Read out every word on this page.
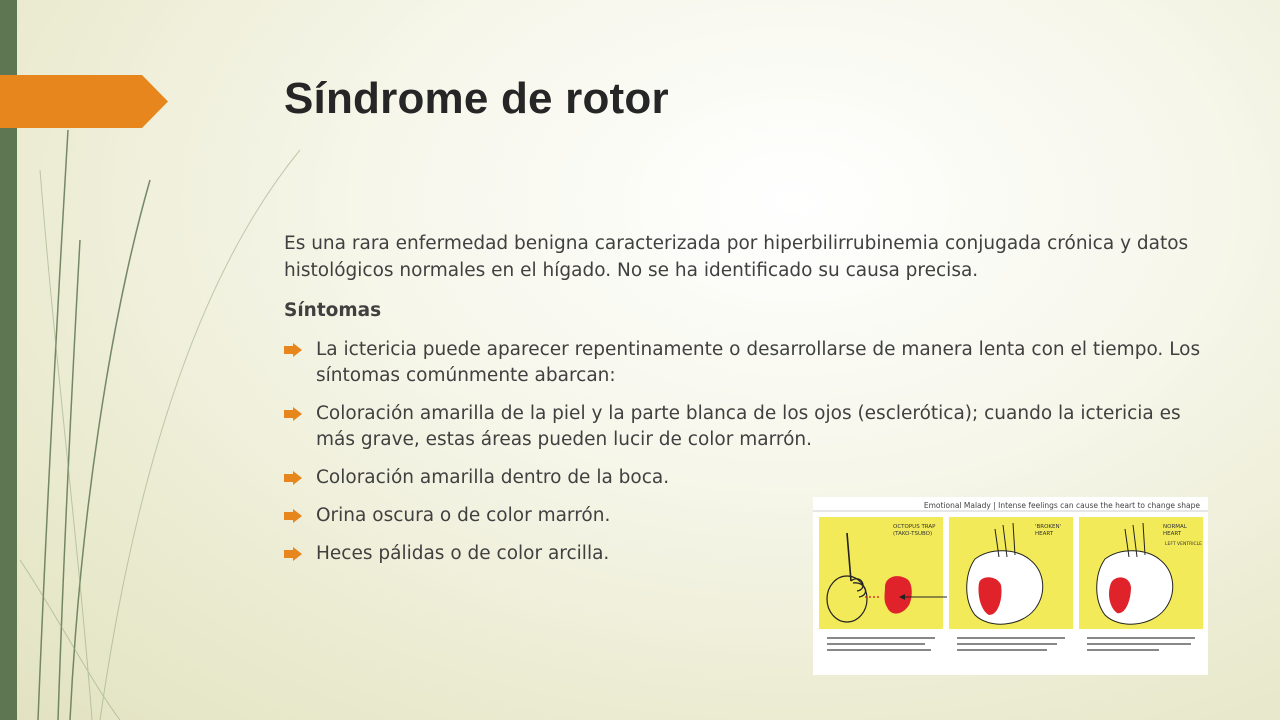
Síndrome de rotor

Es una rara enfermedad benigna caracterizada por hiperbilirrubinemia conjugada crónica y datos histológicos normales en el hígado. No se ha identificado su causa precisa.

Síntomas

La ictericia puede aparecer repentinamente o desarrollarse de manera lenta con el tiempo. Los síntomas comúnmente abarcan:
Coloración amarilla de la piel y la parte blanca de los ojos (esclerótica); cuando la ictericia es más grave, estas áreas pueden lucir de color marrón.
Coloración amarilla dentro de la boca.
Orina oscura o de color marrón.
Heces pálidas o de color arcilla.
Emotional Malady | Intense feelings can cause the heart to change shape
OCTOPUS TRAP
(TAKO-TSUBO)
'BROKEN'
HEART
NORMAL
HEART
LEFT VENTRICLE
